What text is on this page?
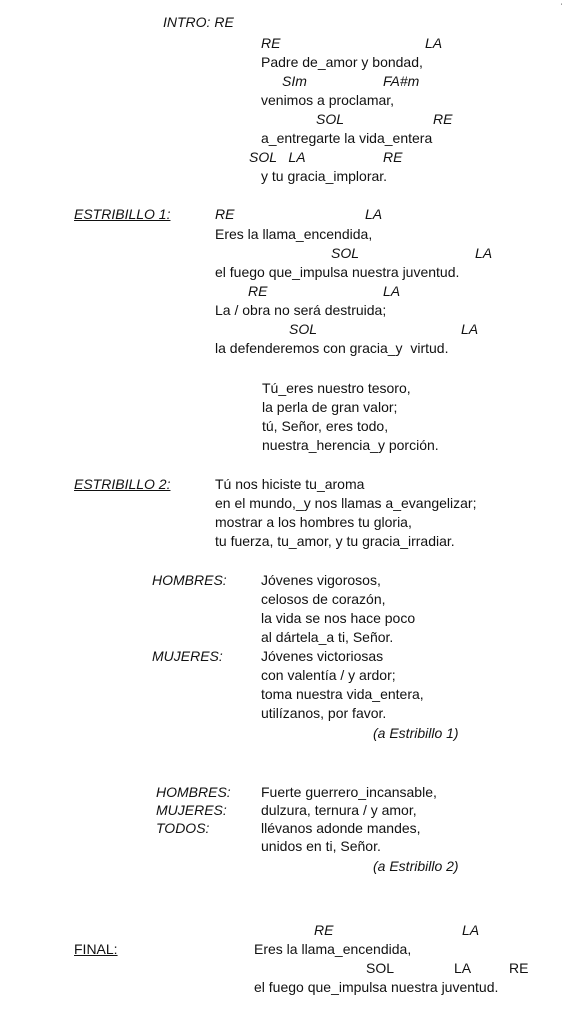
'
INTRO: RE
RE	LA
Padre de_amor y bondad,
SIm	FA#m
venimos a proclamar,
SOL	RE
a_entregarte la vida_entera
SOL   LA	RE
y tu gracia_implorar.
ESTRIBILLO 1:	RE	LA
Eres la llama_encendida,
SOL	LA
el fuego que_impulsa nuestra juventud.
RE	LA
La / obra no será destruida;
SOL	LA
la defenderemos con gracia_y  virtud.
Tú_eres nuestro tesoro,
la perla de gran valor;
tú, Señor, eres todo,
nuestra_herencia_y porción.
ESTRIBILLO 2:	Tú nos hiciste tu_aroma
en el mundo,_y nos llamas a_evangelizar;
mostrar a los hombres tu gloria,
tu fuerza, tu_amor, y tu gracia_irradiar.
HOMBRES: Jóvenes vigorosos,
celosos de corazón,
la vida se nos hace poco
al dártela_a ti, Señor.
MUJERES:	Jóvenes victoriosas
con valentía / y ardor;
toma nuestra vida_entera,
utilízanos, por favor.
(a Estribillo 1)
HOMBRES: Fuerte guerrero_incansable,
MUJERES: dulzura, ternura / y amor,
TODOS:	llévanos adonde mandes,
unidos en ti, Señor.
(a Estribillo 2)
RE	LA
FINAL:	Eres la llama_encendida,
SOL	LA	RE
el fuego que_impulsa nuestra juventud.
